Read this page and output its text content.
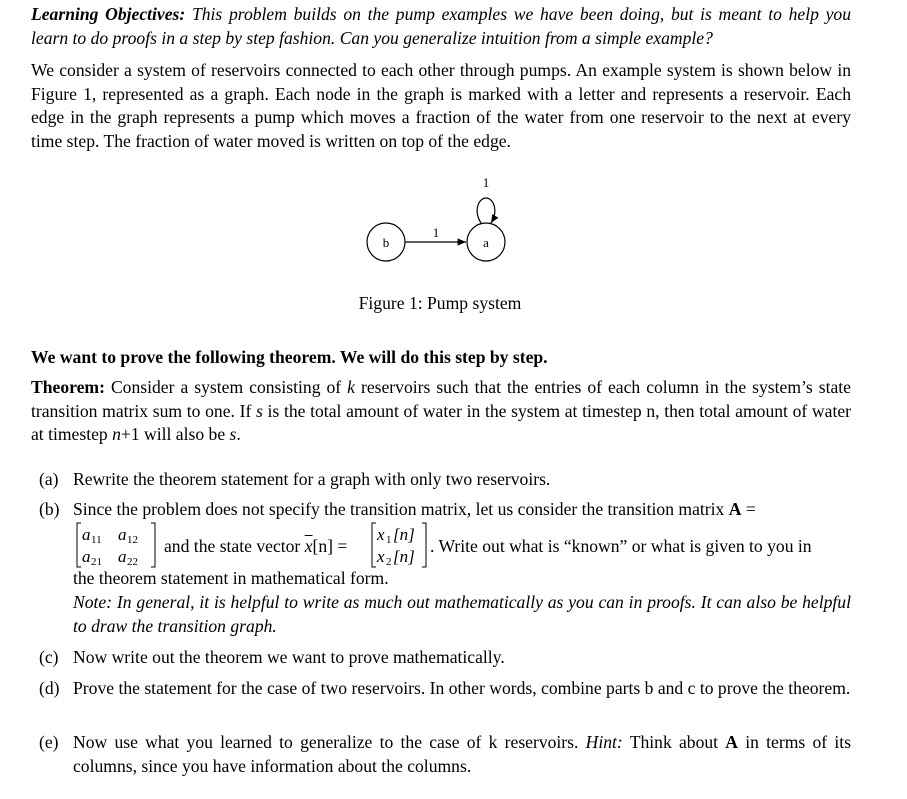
Learning Objectives: This problem builds on the pump examples we have been doing, but is meant to help you learn to do proofs in a step by step fashion. Can you generalize intuition from a simple example?
We consider a system of reservoirs connected to each other through pumps. An example system is shown below in Figure 1, represented as a graph. Each node in the graph is marked with a letter and represents a reservoir. Each edge in the graph represents a pump which moves a fraction of the water from one reservoir to the next at every time step. The fraction of water moved is written on top of the edge.
b	a
1
1
Figure 1: Pump system
We want to prove the following theorem. We will do this step by step.
Theorem: Consider a system consisting of k reservoirs such that the entries of each column in the system’s state transition matrix sum to one. If s is the total amount of water in the system at timestep n, then total amount of water at timestep n+1 will also be s.
(a) Rewrite the theorem statement for a graph with only two reservoirs.
(b) Since the problem does not specify the transition matrix, let us consider the transition matrix A =
a 11 a 12
a 21 a 22
and the state vector $\overline{x}[n]$ =
x 1 [n]
x 2 [n]
. Write out what is “known” or what is given to you in
the theorem statement in mathematical form.
Note: In general, it is helpful to write as much out mathematically as you can in proofs. It can also be helpful to draw the transition graph.
(c) Now write out the theorem we want to prove mathematically.
(d) Prove the statement for the case of two reservoirs. In other words, combine parts b and c to prove the theorem.
(e) Now use what you learned to generalize to the case of k reservoirs. Hint: Think about A in terms of its columns, since you have information about the columns.
